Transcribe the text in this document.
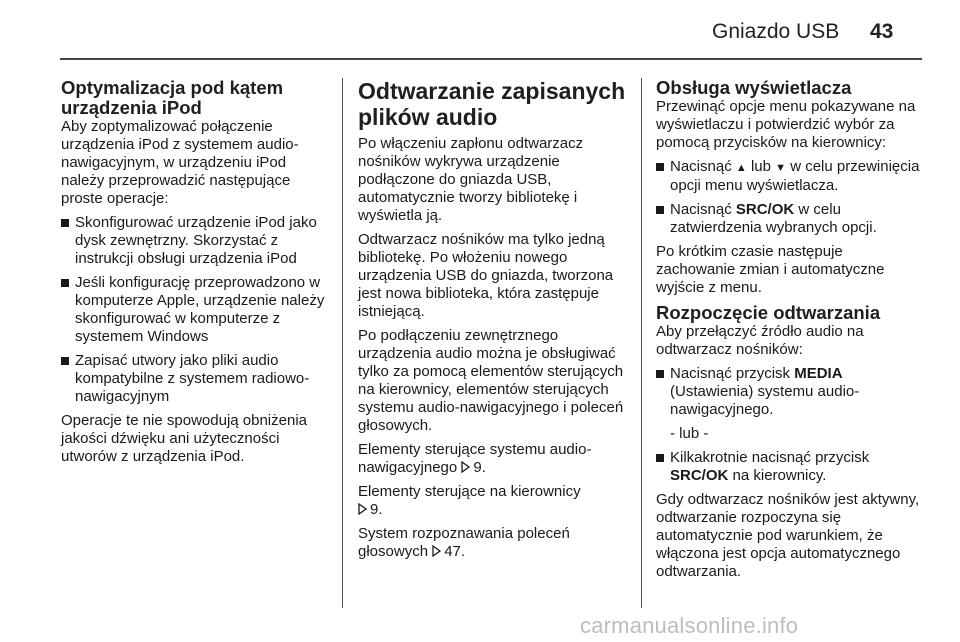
Gniazdo USB 43
Optymalizacja pod kątem urządzenia iPod

Aby zoptymalizować połączenie urządzenia iPod z systemem audio-nawigacyjnym, w urządzeniu iPod należy przeprowadzić następujące proste operacje:

Skonfigurować urządzenie iPod jako dysk zewnętrzny. Skorzystać z instrukcji obsługi urządzenia iPod
Jeśli konfigurację przeprowadzono w komputerze Apple, urządzenie należy skonfigurować w komputerze z systemem Windows
Zapisać utwory jako pliki audio kompatybilne z systemem radiowo-nawigacyjnym

Operacje te nie spowodują obniżenia jakości dźwięku ani użyteczności utworów z urządzenia iPod.

Odtwarzanie zapisanych plików audio

Po włączeniu zapłonu odtwarzacz nośników wykrywa urządzenie podłączone do gniazda USB, automatycznie tworzy bibliotekę i wyświetla ją.

Odtwarzacz nośników ma tylko jedną bibliotekę. Po włożeniu nowego urządzenia USB do gniazda, tworzona jest nowa biblioteka, która zastępuje istniejącą.

Po podłączeniu zewnętrznego urządzenia audio można je obsługiwać tylko za pomocą elementów sterujących na kierownicy, elementów sterujących systemu audio-nawigacyjnego i poleceń głosowych.

Elementy sterujące systemu audio-nawigacyjnego 9.

Elementy sterujące na kierownicy

9.

System rozpoznawania poleceń głosowych 47.

Obsługa wyświetlacza

Przewinąć opcje menu pokazywane na wyświetlaczu i potwierdzić wybór za pomocą przycisków na kierownicy:

Nacisnąć ▲ lub ▼ w celu przewinięcia opcji menu wyświetlacza.
Nacisnąć SRC/OK w celu zatwierdzenia wybranych opcji.

Po krótkim czasie następuje zachowanie zmian i automatyczne wyjście z menu.

Rozpoczęcie odtwarzania

Aby przełączyć źródło audio na odtwarzacz nośników:

Nacisnąć przycisk MEDIA
(Ustawienia) systemu audio-nawigacyjnego.

- lub -

Kilkakrotnie nacisnąć przycisk
SRC/OK na kierownicy.

Gdy odtwarzacz nośników jest aktywny, odtwarzanie rozpoczyna się automatycznie pod warunkiem, że włączona jest opcja automatycznego odtwarzania.

carmanualsonline.info
